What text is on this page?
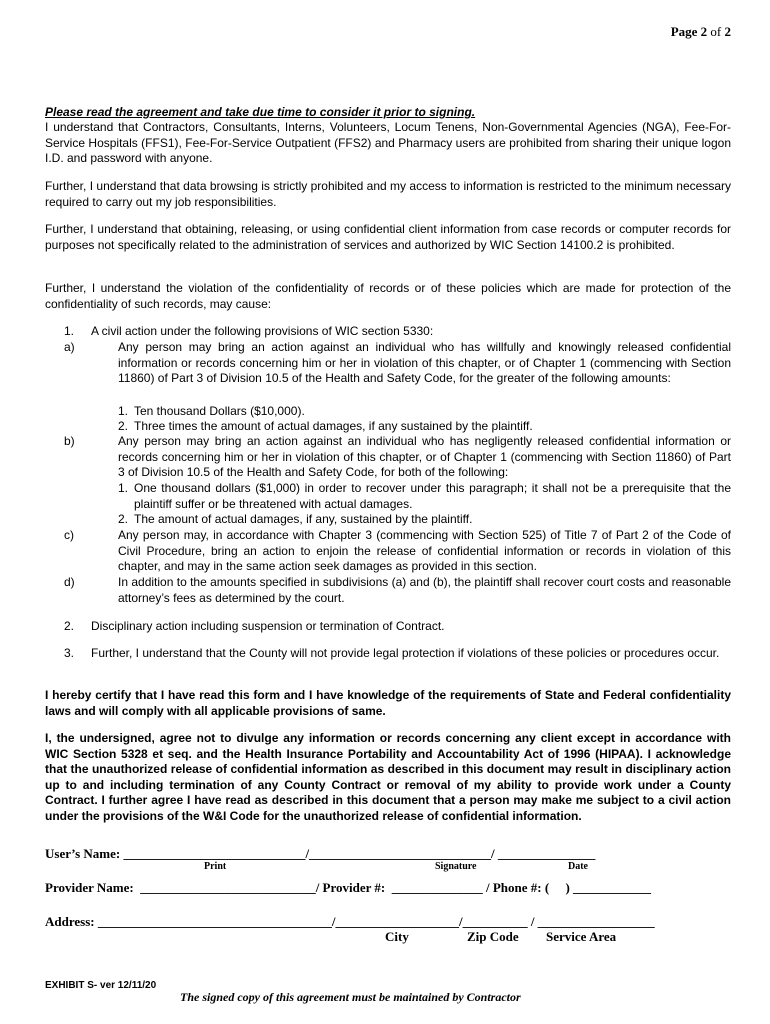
Page 2 of 2
Please read the agreement and take due time to consider it prior to signing.
I understand that Contractors, Consultants, Interns, Volunteers, Locum Tenens, Non-Governmental Agencies (NGA), Fee-For-Service Hospitals (FFS1), Fee-For-Service Outpatient (FFS2) and Pharmacy users are prohibited from sharing their unique logon I.D. and password with anyone.
Further, I understand that data browsing is strictly prohibited and my access to information is restricted to the minimum necessary required to carry out my job responsibilities.
Further, I understand that obtaining, releasing, or using confidential client information from case records or computer records for purposes not specifically related to the administration of services and authorized by WIC Section 14100.2 is prohibited.
Further, I understand the violation of the confidentiality of records or of these policies which are made for protection of the confidentiality of such records, may cause:
1. A civil action under the following provisions of WIC section 5330:
a)	Any person may bring an action against an individual who has willfully and knowingly released confidential information or records concerning him or her in violation of this chapter, or of Chapter 1 (commencing with Section 11860) of Part 3 of Division 10.5 of the Health and Safety Code, for the greater of the following amounts:
1. Ten thousand Dollars ($10,000).
2. Three times the amount of actual damages, if any sustained by the plaintiff.
b)	Any person may bring an action against an individual who has negligently released confidential information or records concerning him or her in violation of this chapter, or of Chapter 1 (commencing with Section 11860) of Part 3 of Division 10.5 of the Health and Safety Code, for both of the following:
1. One thousand dollars ($1,000) in order to recover under this paragraph; it shall not be a prerequisite that the plaintiff suffer or be threatened with actual damages.
2. The amount of actual damages, if any, sustained by the plaintiff.
c)	Any person may, in accordance with Chapter 3 (commencing with Section 525) of Title 7 of Part 2 of the Code of Civil Procedure, bring an action to enjoin the release of confidential information or records in violation of this chapter, and may in the same action seek damages as provided in this section.
d)	In addition to the amounts specified in subdivisions (a) and (b), the plaintiff shall recover court costs and reasonable attorney’s fees as determined by the court.
2. Disciplinary action including suspension or termination of Contract.
3. Further, I understand that the County will not provide legal protection if violations of these policies or procedures occur.
I hereby certify that I have read this form and I have knowledge of the requirements of State and Federal confidentiality laws and will comply with all applicable provisions of same.
I, the undersigned, agree not to divulge any information or records concerning any client except in accordance with WIC Section 5328 et seq. and the Health Insurance Portability and Accountability Act of 1996 (HIPAA). I acknowledge that the unauthorized release of confidential information as described in this document may result in disciplinary action up to and including termination of any County Contract or removal of my ability to provide work under a County Contract. I further agree I have read as described in this document that a person may make me subject to a civil action under the provisions of the W&I Code for the unauthorized release of confidential information.
User’s Name: ____________________________/____________________________/ _______________
Print	Signature	Date
Provider Name:  ___________________________/ Provider #:  ______________ / Phone #: (     ) ____________
Address: ____________________________________/___________________/__________ / __________________
City	Zip Code Service Area
EXHIBIT S- ver 12/11/20
The signed copy of this agreement must be maintained by Contractor
